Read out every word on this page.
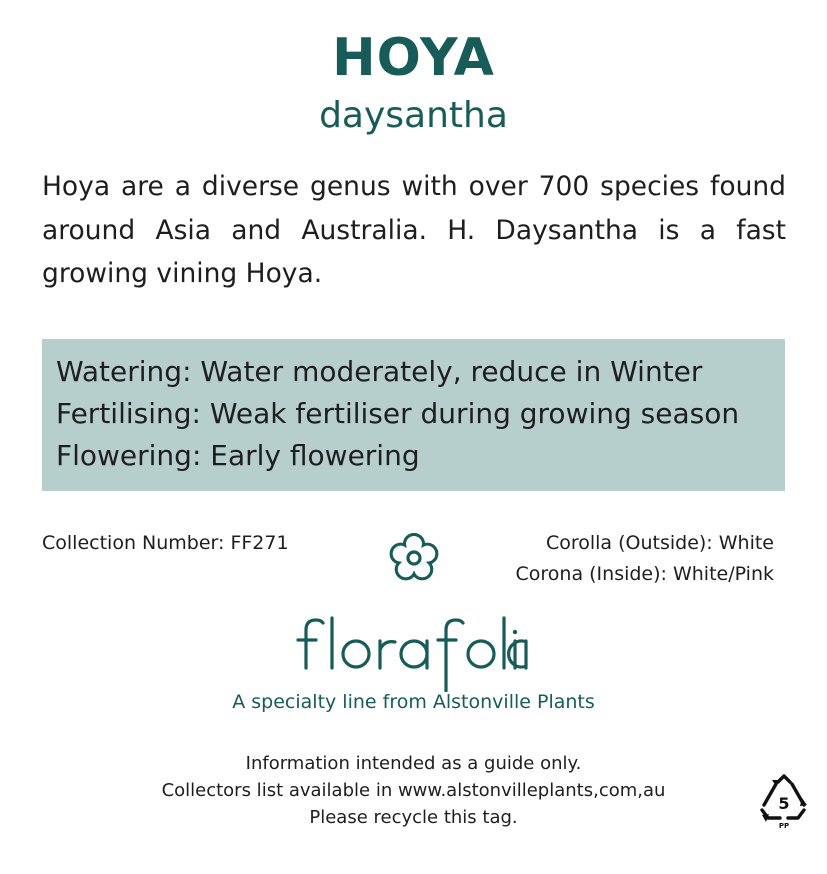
HOYA
daysantha
Hoya are a diverse genus with over 700 species found around Asia and Australia. H. Daysantha is a fast growing vining Hoya.
Watering: Water moderately, reduce in Winter
Fertilising: Weak fertiliser during growing season
Flowering: Early flowering
Collection Number: FF271	Corolla (Outside): White
Corona (Inside): White/Pink
A specialty line from Alstonville Plants
Information intended as a guide only.
Collectors list available in www.alstonvilleplants,com,au
Please recycle this tag.
5
PP
